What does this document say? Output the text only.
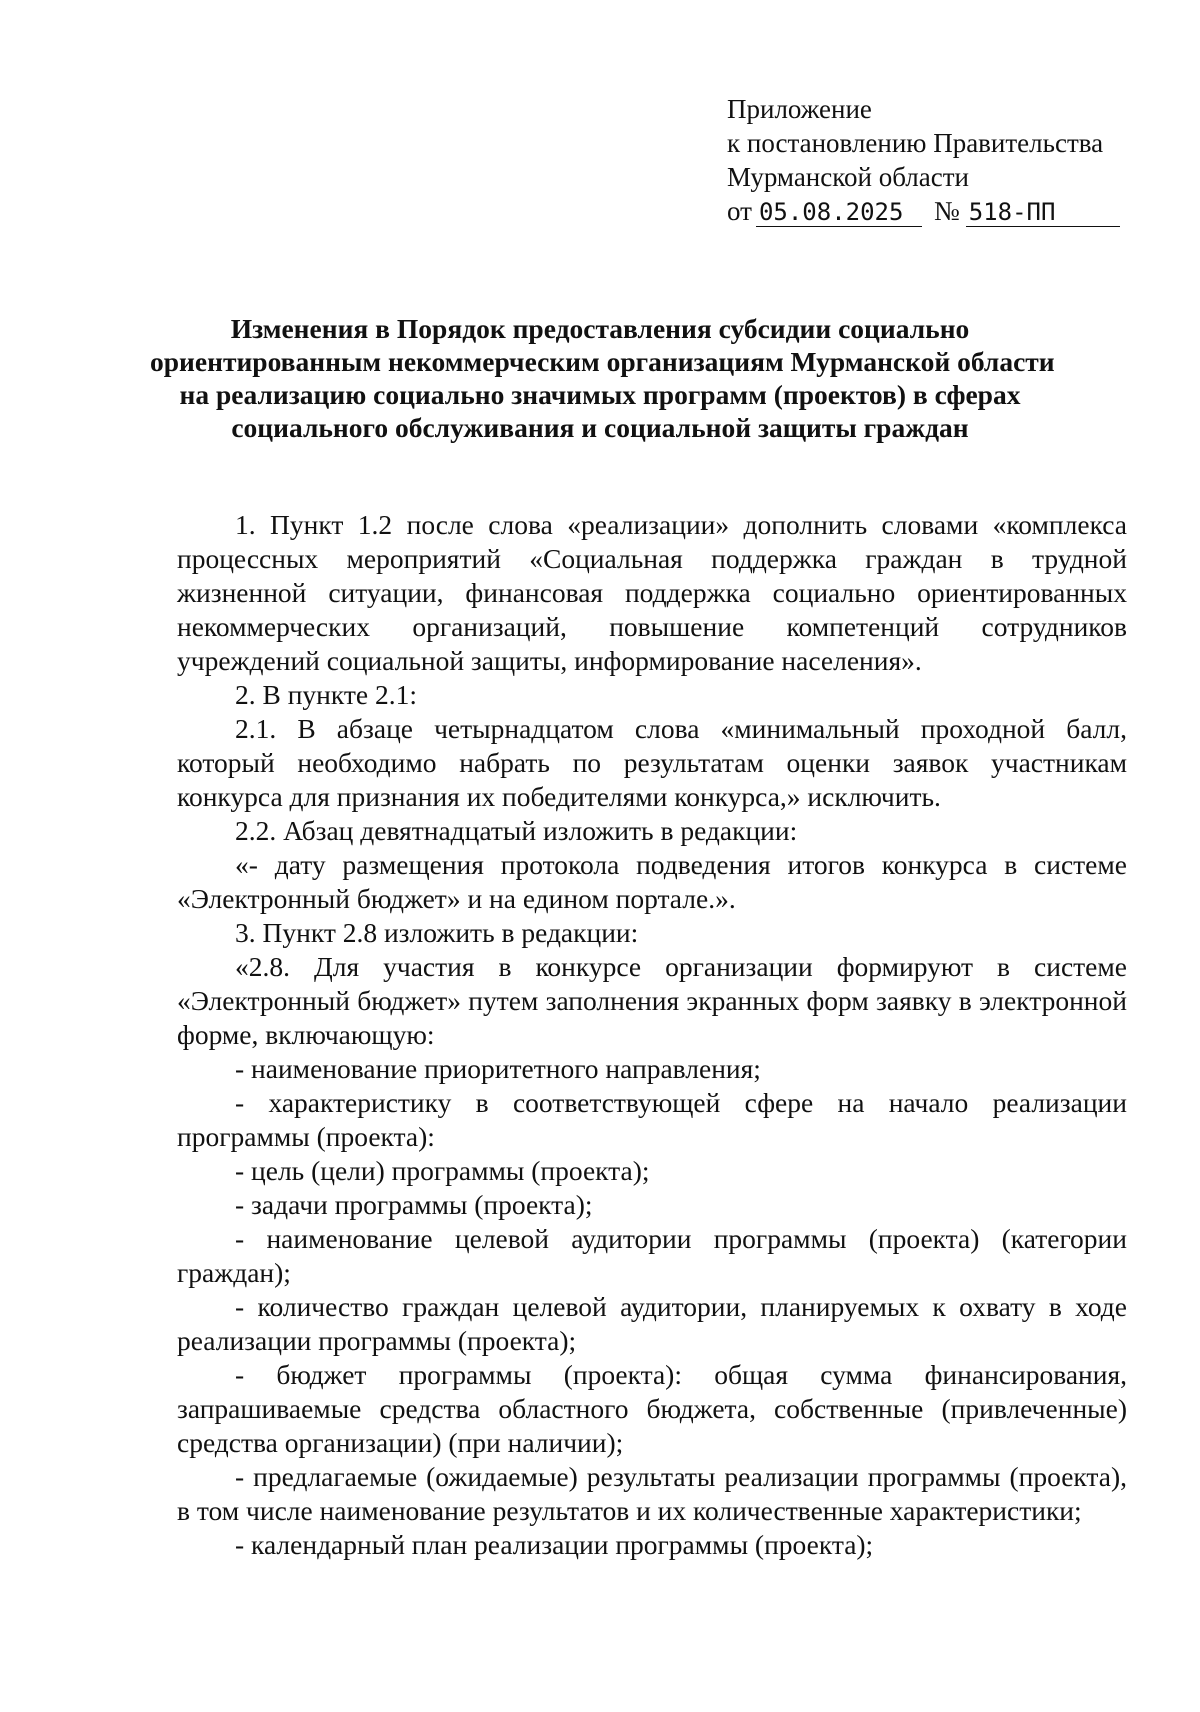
Приложение
к постановлению Правительства
Мурманской области
от 05.08.2025	№ 518-ПП
Изменения в Порядок предоставления субсидии социально
ориентированным некоммерческим организациям Мурманской области
на реализацию социально значимых программ (проектов) в сферах
социального обслуживания и социальной защиты граждан

1. Пункт 1.2 после слова «реализации» дополнить словами «комплекса процессных мероприятий «Социальная поддержка граждан в трудной жизненной ситуации, финансовая поддержка социально ориентированных некоммерческих организаций, повышение компетенций сотрудников учреждений социальной защиты, информирование населения».

2. В пункте 2.1:

2.1. В абзаце четырнадцатом слова «минимальный проходной балл, который необходимо набрать по результатам оценки заявок участникам конкурса для признания их победителями конкурса,» исключить.

2.2. Абзац девятнадцатый изложить в редакции:

«- дату размещения протокола подведения итогов конкурса в системе «Электронный бюджет» и на едином портале.».

3. Пункт 2.8 изложить в редакции:

«2.8. Для участия в конкурсе организации формируют в системе «Электронный бюджет» путем заполнения экранных форм заявку в электронной форме, включающую:

- наименование приоритетного направления;

- характеристику в соответствующей сфере на начало реализации программы (проекта):

- цель (цели) программы (проекта);

- задачи программы (проекта);

- наименование целевой аудитории программы (проекта) (категории граждан);

- количество граждан целевой аудитории, планируемых к охвату в ходе реализации программы (проекта);

- бюджет программы (проекта): общая сумма финансирования, запрашиваемые средства областного бюджета, собственные (привлеченные) средства организации) (при наличии);

- предлагаемые (ожидаемые) результаты реализации программы (проекта), в том числе наименование результатов и их количественные характеристики;

- календарный план реализации программы (проекта);
